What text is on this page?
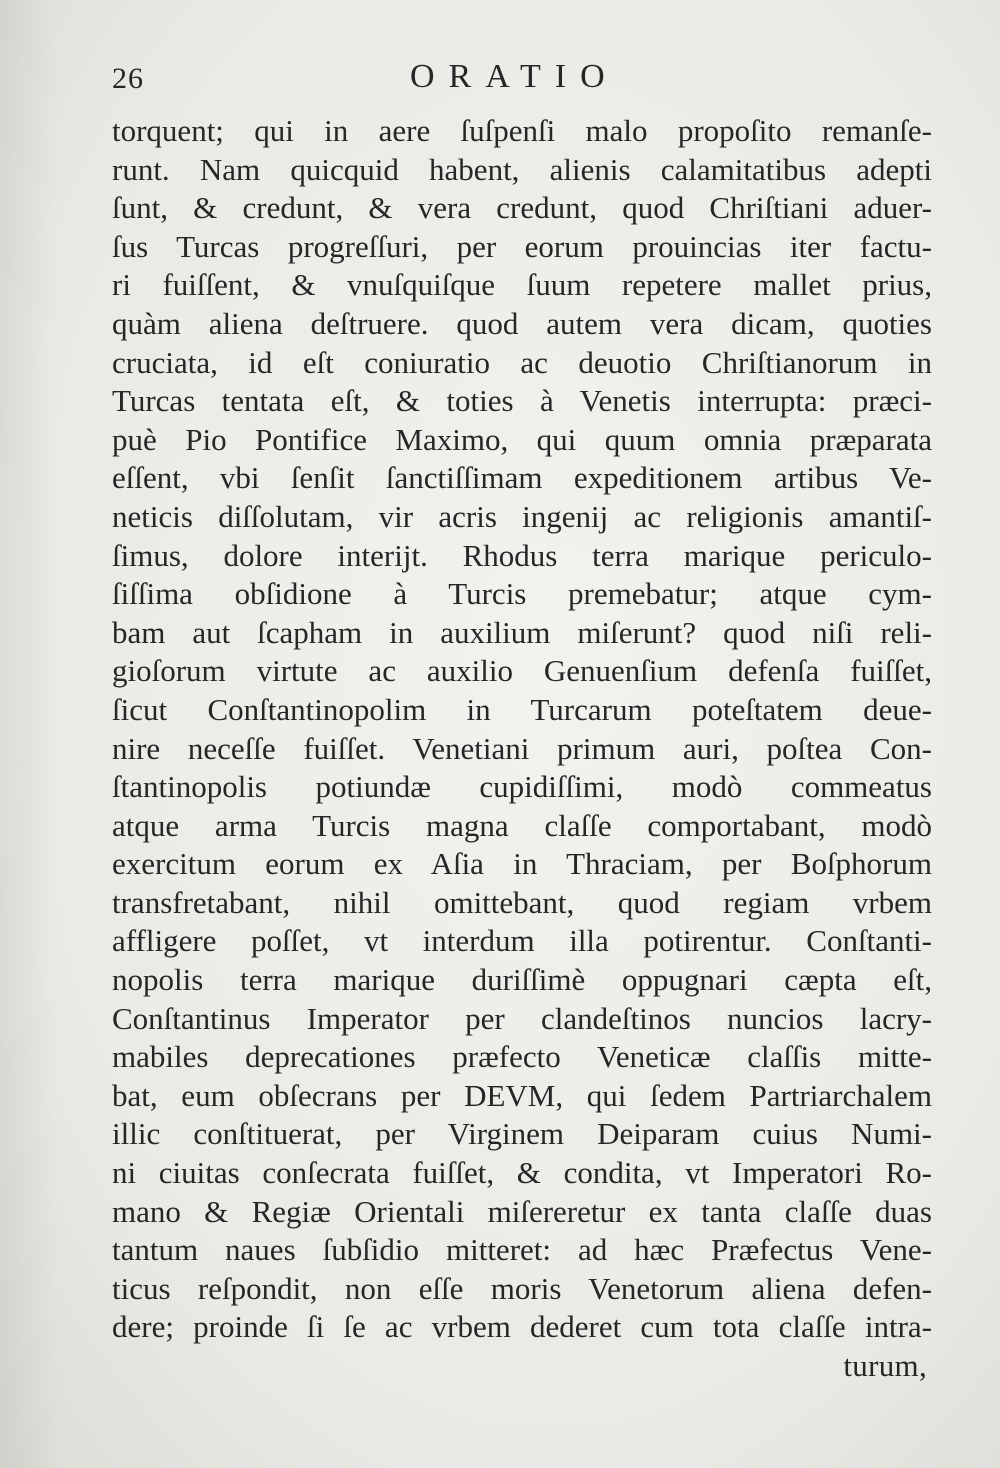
26	ORATIO
torquent; qui in aere ſuſpenſi malo propoſito remanſe-
runt. Nam quicquid habent, alienis calamitatibus adepti
ſunt, & credunt, & vera credunt, quod Chriſtiani aduer-
ſus Turcas progreſſuri, per eorum prouincias iter factu-
ri fuiſſent, & vnuſquiſque ſuum repetere mallet prius,
quàm aliena deſtruere. quod autem vera dicam, quoties
cruciata, id eſt coniuratio ac deuotio Chriſtianorum in
Turcas tentata eſt, & toties à Venetis interrupta: præci-
puè Pio Pontifice Maximo, qui quum omnia præparata
eſſent, vbi ſenſit ſanctiſſimam expeditionem artibus Ve-
neticis diſſolutam, vir acris ingenij ac religionis amantiſ-
ſimus, dolore interijt. Rhodus terra marique periculo-
ſiſſima obſidione à Turcis premebatur; atque cym-
bam aut ſcapham in auxilium miſerunt? quod niſi reli-
gioſorum virtute ac auxilio Genuenſium defenſa fuiſſet,
ſicut Conſtantinopolim in Turcarum poteſtatem deue-
nire neceſſe fuiſſet. Venetiani primum auri, poſtea Con-
ſtantinopolis potiundæ cupidiſſimi, modò commeatus
atque arma Turcis magna claſſe comportabant, modò
exercitum eorum ex Aſia in Thraciam, per Boſphorum
transfretabant, nihil omittebant, quod regiam vrbem
affligere poſſet, vt interdum illa potirentur. Conſtanti-
nopolis terra marique duriſſimè oppugnari cæpta eſt,
Conſtantinus Imperator per clandeſtinos nuncios lacry-
mabiles deprecationes præfecto Veneticæ claſſis mitte-
bat, eum obſecrans per DEVM, qui ſedem Partriarchalem
illic conſtituerat, per Virginem Deiparam cuius Numi-
ni ciuitas conſecrata fuiſſet, & condita, vt Imperatori Ro-
mano & Regiæ Orientali miſereretur ex tanta claſſe duas
tantum naues ſubſidio mitteret: ad hæc Præfectus Vene-
ticus reſpondit, non eſſe moris Venetorum aliena defen-
dere; proinde ſi ſe ac vrbem dederet cum tota claſſe intra-
turum,
